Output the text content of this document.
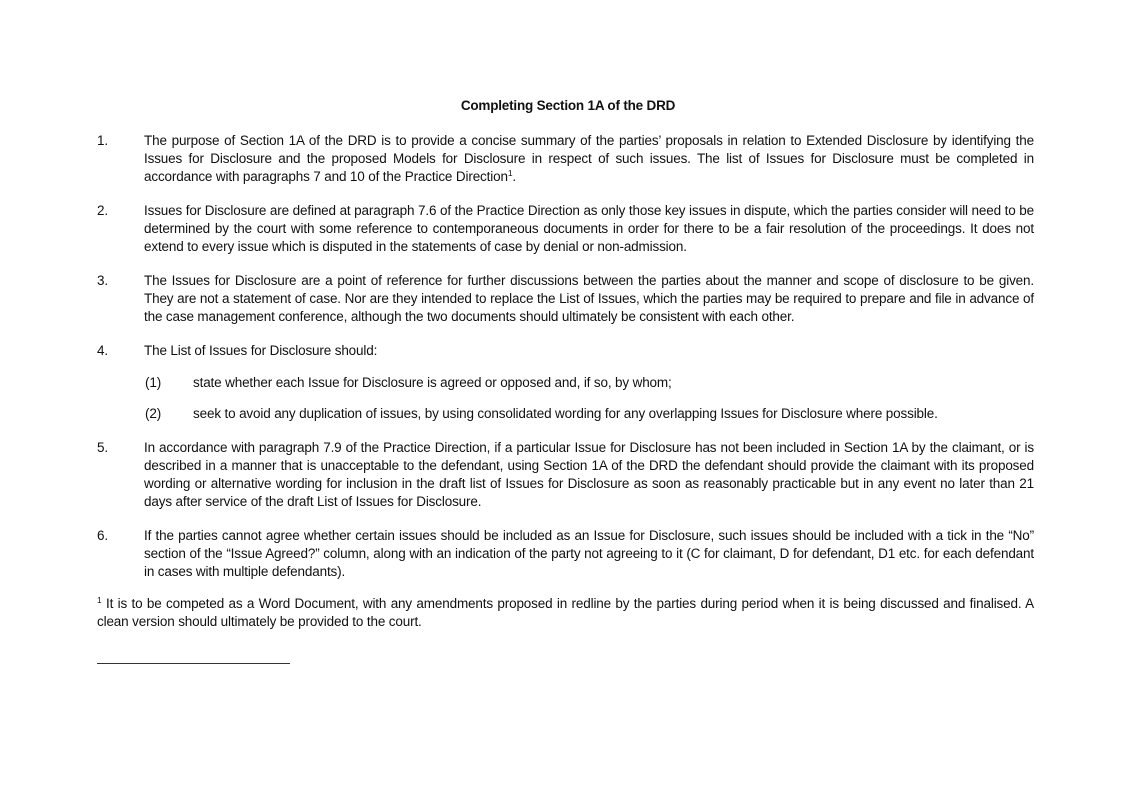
Completing Section 1A of the DRD
1.	The purpose of Section 1A of the DRD is to provide a concise summary of the parties’ proposals in relation to Extended Disclosure by identifying the Issues for Disclosure and the proposed Models for Disclosure in respect of such issues. The list of Issues for Disclosure must be completed in accordance with paragraphs 7 and 10 of the Practice Direction$^1$.
2.	Issues for Disclosure are defined at paragraph 7.6 of the Practice Direction as only those key issues in dispute, which the parties consider will need to be determined by the court with some reference to contemporaneous documents in order for there to be a fair resolution of the proceedings. It does not extend to every issue which is disputed in the statements of case by denial or non-admission.
3.	The Issues for Disclosure are a point of reference for further discussions between the parties about the manner and scope of disclosure to be given. They are not a statement of case. Nor are they intended to replace the List of Issues, which the parties may be required to prepare and file in advance of the case management conference, although the two documents should ultimately be consistent with each other.
4.	The List of Issues for Disclosure should:
(1)	state whether each Issue for Disclosure is agreed or opposed and, if so, by whom;
(2)	seek to avoid any duplication of issues, by using consolidated wording for any overlapping Issues for Disclosure where possible.
5.	In accordance with paragraph 7.9 of the Practice Direction, if a particular Issue for Disclosure has not been included in Section 1A by the claimant, or is described in a manner that is unacceptable to the defendant, using Section 1A of the DRD the defendant should provide the claimant with its proposed wording or alternative wording for inclusion in the draft list of Issues for Disclosure as soon as reasonably practicable but in any event no later than 21 days after service of the draft List of Issues for Disclosure.
6.	If the parties cannot agree whether certain issues should be included as an Issue for Disclosure, such issues should be included with a tick in the “No” section of the “Issue Agreed?” column, along with an indication of the party not agreeing to it (C for claimant, D for defendant, D1 etc. for each defendant in cases with multiple defendants).
$^1$ It is to be competed as a Word Document, with any amendments proposed in redline by the parties during period when it is being discussed and finalised. A clean version should ultimately be provided to the court.
